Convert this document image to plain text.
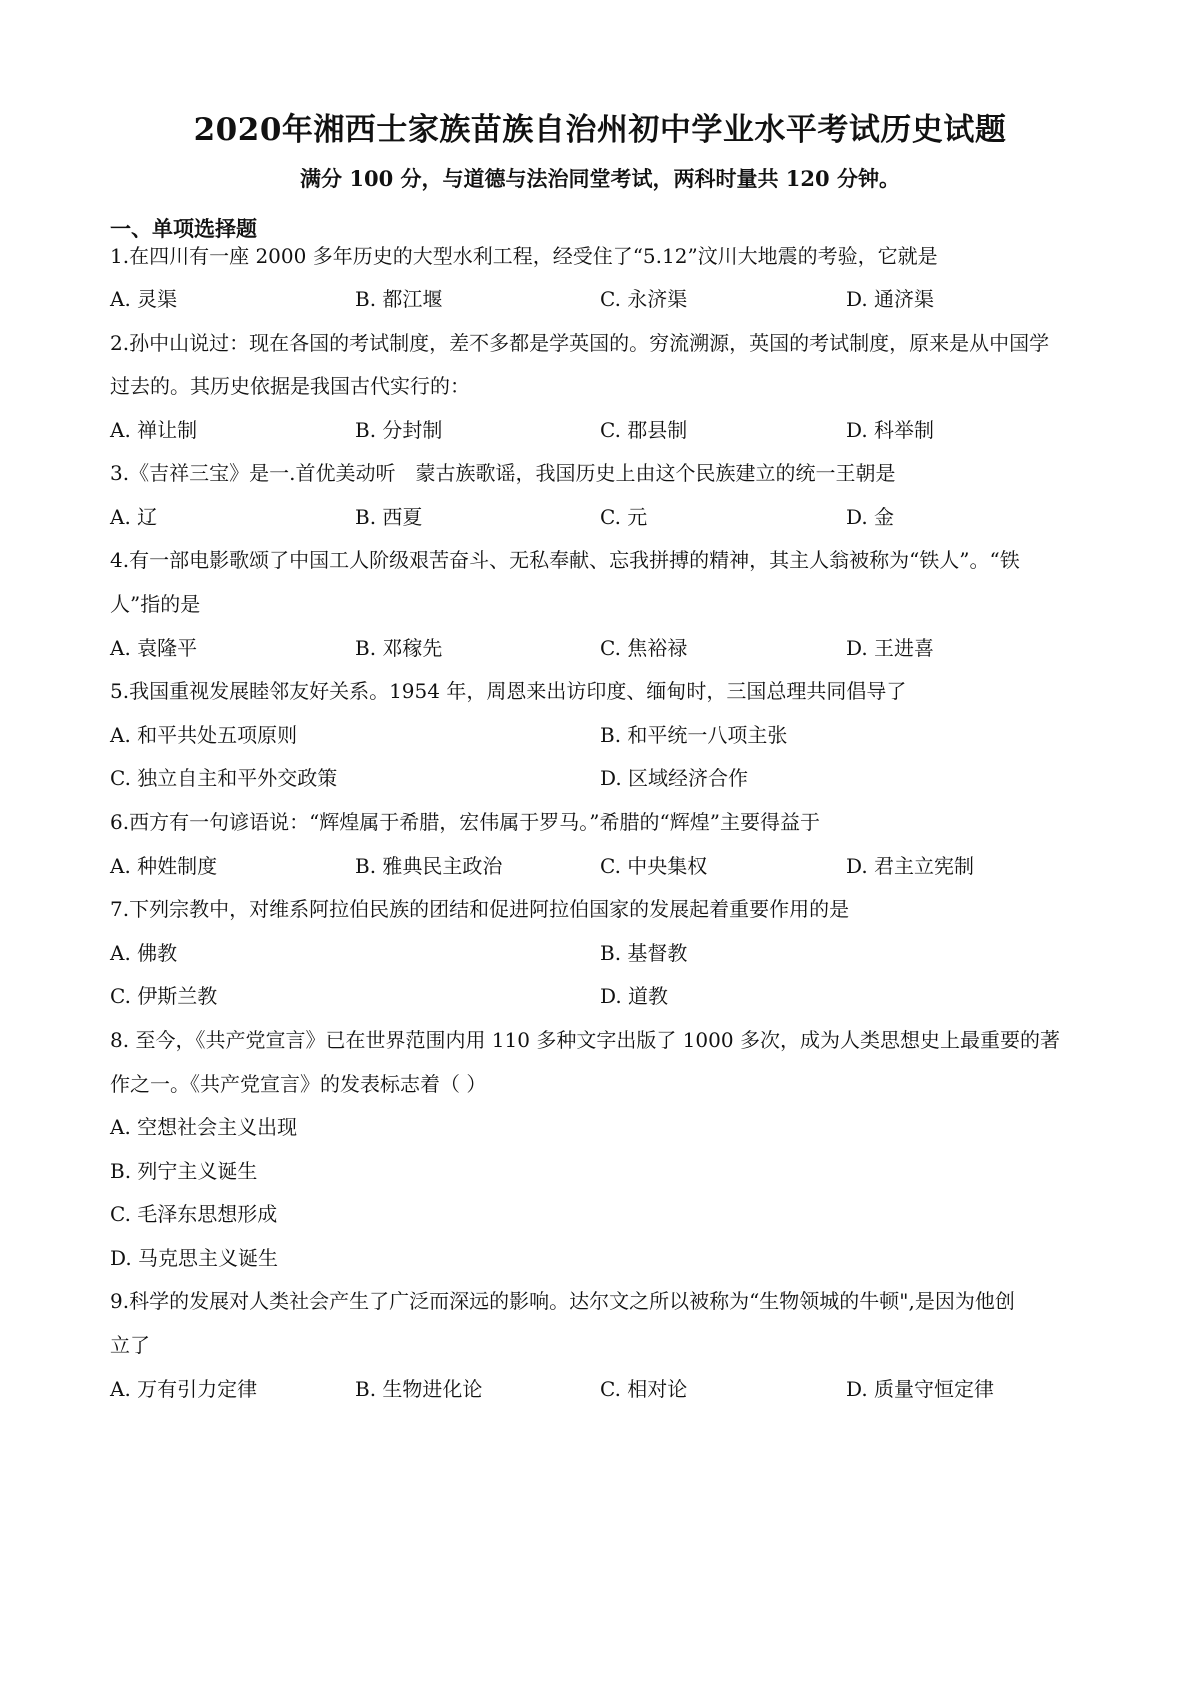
2020年湘西士家族苗族自治州初中学业水平考试历史试题
满分 100 分，与道德与法治同堂考试，两科时量共 120 分钟。
一、单项选择题
1.在四川有一座 2000 多年历史的大型水利工程，经受住了“5.12”汶川大地震的考验，它就是
A. 灵渠	B. 都江堰	C. 永济渠	D. 通济渠
2.孙中山说过：现在各国的考试制度，差不多都是学英国的。穷流溯源，英国的考试制度，原来是从中国学
过去的。其历史依据是我国古代实行的：
A. 禅让制	B. 分封制	C. 郡县制	D. 科举制
3.《吉祥三宝》是一.首优美动听　蒙古族歌谣，我国历史上由这个民族建立的统一王朝是
A. 辽	B. 西夏	C. 元	D. 金
4.有一部电影歌颂了中国工人阶级艰苦奋斗、无私奉献、忘我拼搏的精神，其主人翁被称为“铁人”。“铁
人”指的是
A. 袁隆平	B. 邓稼先	C. 焦裕禄	D. 王进喜
5.我国重视发展睦邻友好关系。1954 年，周恩来出访印度、缅甸时，三国总理共同倡导了
A. 和平共处五项原则	B. 和平统一八项主张
C. 独立自主和平外交政策	D. 区域经济合作
6.西方有一句谚语说：“辉煌属于希腊，宏伟属于罗马。”希腊的“辉煌”主要得益于
A. 种姓制度	B. 雅典民主政治	C. 中央集权	D. 君主立宪制
7.下列宗教中，对维系阿拉伯民族的团结和促进阿拉伯国家的发展起着重要作用的是
A. 佛教	B. 基督教
C. 伊斯兰教	D. 道教
8. 至今，《共产党宣言》已在世界范围内用 110 多种文字出版了 1000 多次，成为人类思想史上最重要的著
作之一。《共产党宣言》的发表标志着（ ）
A. 空想社会主义出现
B. 列宁主义诞生
C. 毛泽东思想形成
D. 马克思主义诞生
9.科学的发展对人类社会产生了广泛而深远的影响。达尔文之所以被称为“生物领城的牛顿",是因为他创
立了
A. 万有引力定律	B. 生物进化论	C. 相对论	D. 质量守恒定律
